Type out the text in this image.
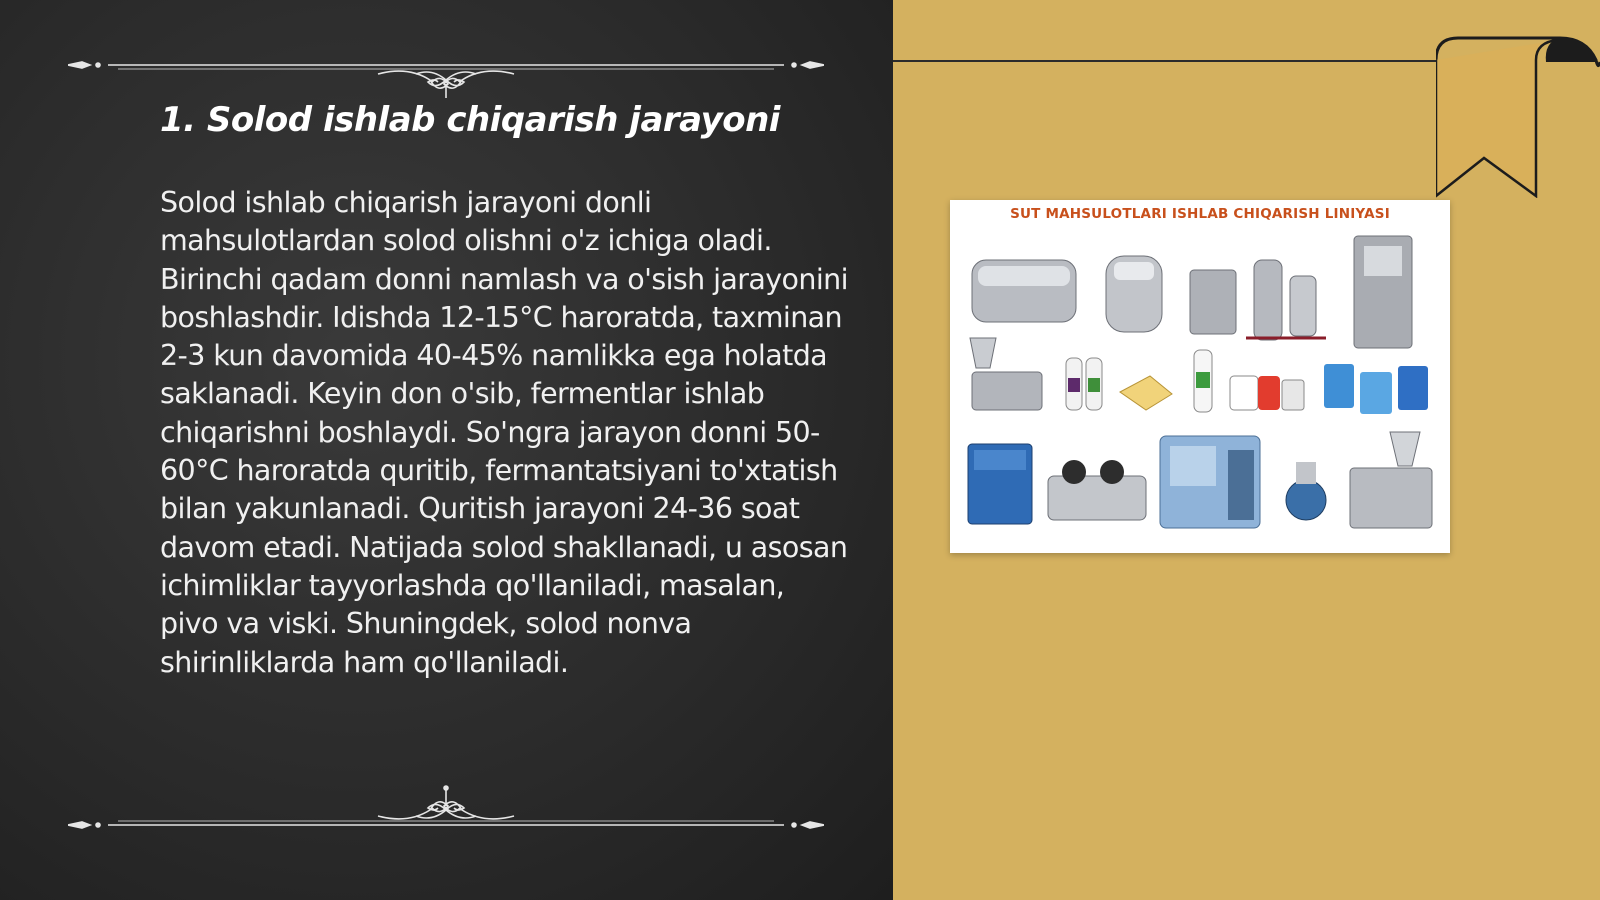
1. Solod ishlab chiqarish jarayoni

Solod ishlab chiqarish jarayoni donli mahsulotlardan solod olishni o'z ichiga oladi. Birinchi qadam donni namlash va o'sish jarayonini boshlashdir. Idishda 12-15°C haroratda, taxminan 2-3 kun davomida 40-45% namlikka ega holatda saklanadi. Keyin don o'sib, fermentlar ishlab chiqarishni boshlaydi. So'ngra jarayon donni 50-60°C haroratda quritib, fermantatsiyani to'xtatish bilan yakunlanadi. Quritish jarayoni 24-36 soat davom etadi. Natijada solod shakllanadi, u asosan ichimliklar tayyorlashda qo'llaniladi, masalan, pivo va viski. Shuningdek, solod nonva shirinliklarda ham qo'llaniladi.

SUT MAHSULOTLARI ISHLAB CHIQARISH LINIYASI
